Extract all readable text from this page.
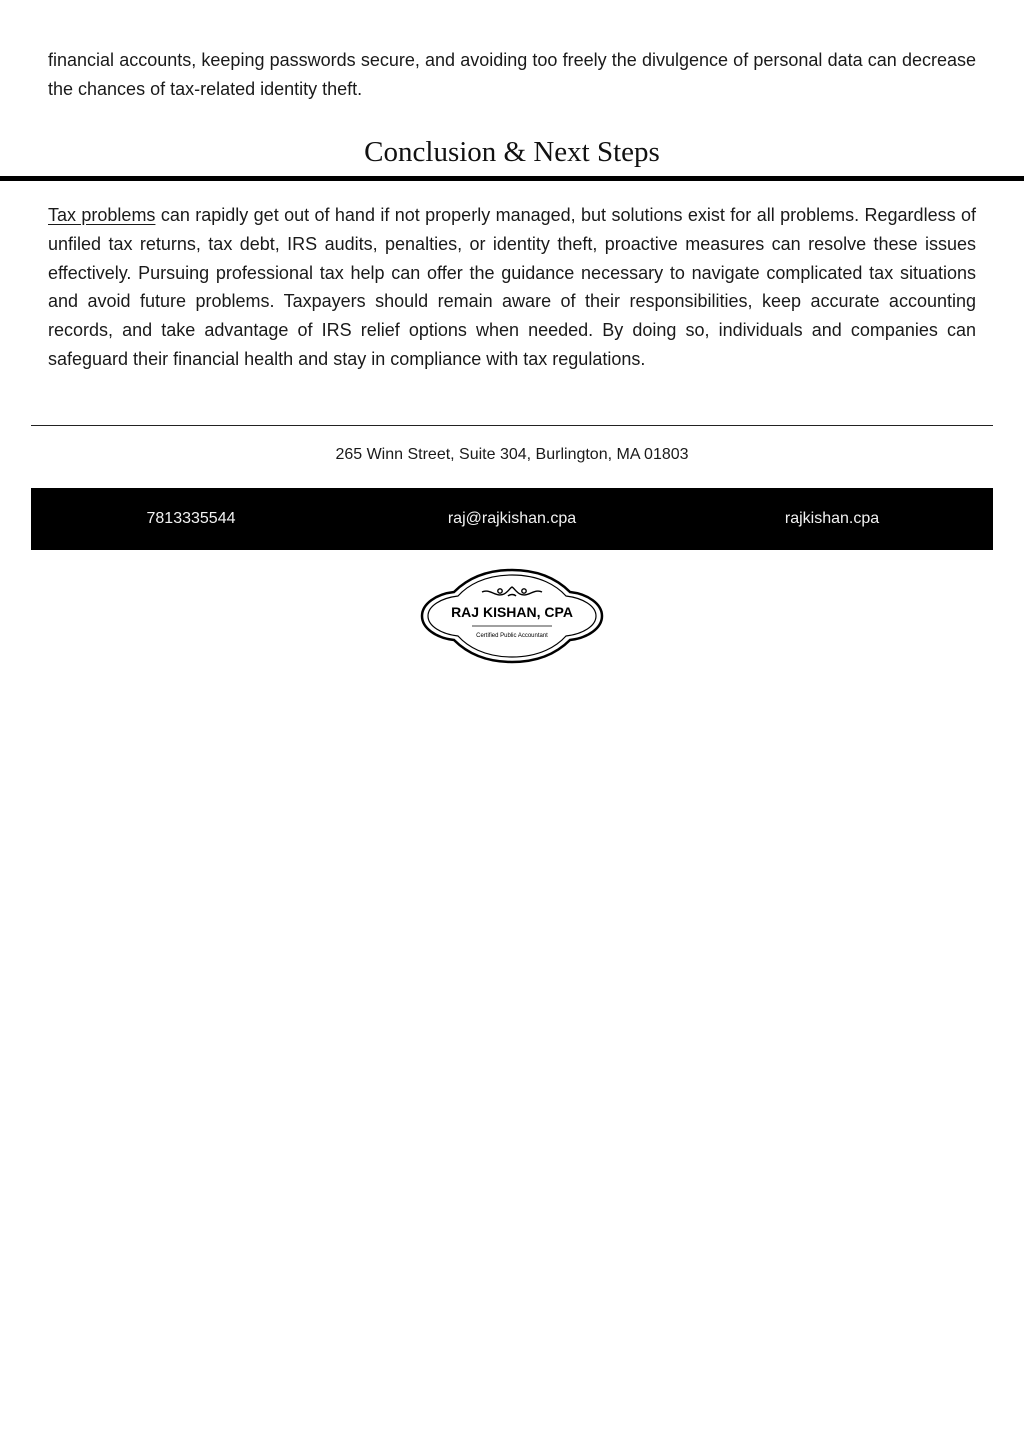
financial accounts, keeping passwords secure, and avoiding too freely the divulgence of personal data can decrease the chances of tax-related identity theft.

Conclusion & Next Steps

Tax problems can rapidly get out of hand if not properly managed, but solutions exist for all problems. Regardless of unfiled tax returns, tax debt, IRS audits, penalties, or identity theft, proactive measures can resolve these issues effectively. Pursuing professional tax help can offer the guidance necessary to navigate complicated tax situations and avoid future problems. Taxpayers should remain aware of their responsibilities, keep accurate accounting records, and take advantage of IRS relief options when needed. By doing so, individuals and companies can safeguard their financial health and stay in compliance with tax regulations.

265 Winn Street, Suite 304, Burlington, MA 01803
7813335544	raj@rajkishan.cpa	rajkishan.cpa
RAJ KISHAN, CPA
Certified Public Accountant
